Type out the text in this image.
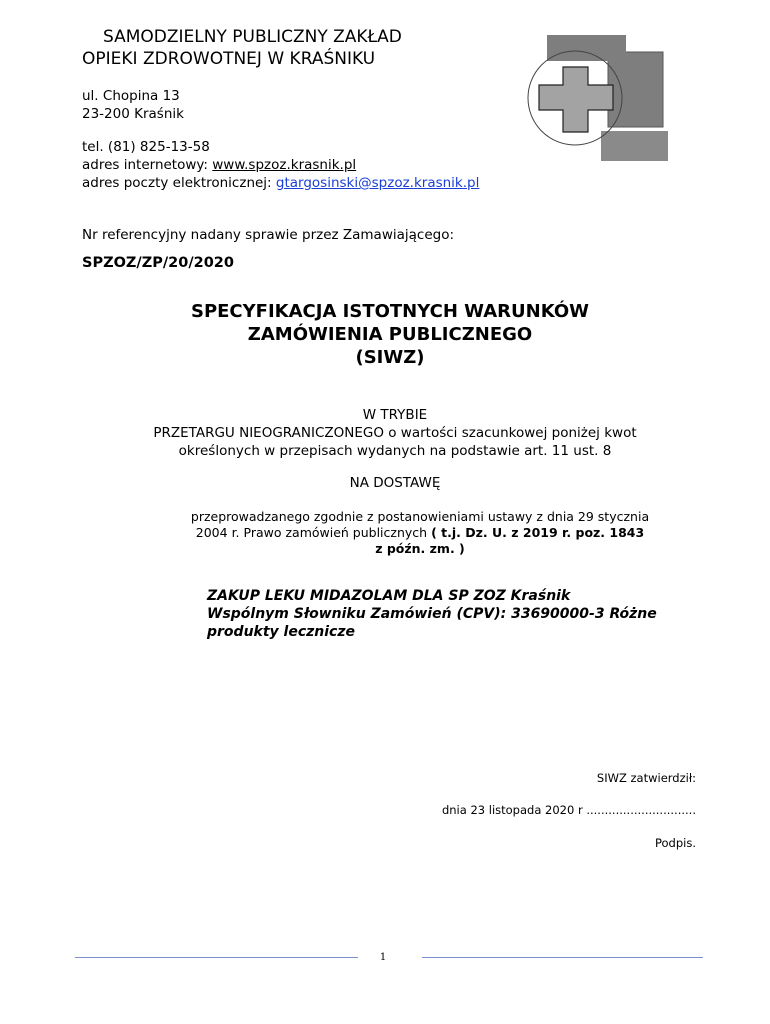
SAMODZIELNY PUBLICZNY ZAKŁAD
OPIEKI ZDROWOTNEJ W KRAŚNIKU
ul. Chopina 13
23-200 Kraśnik
tel. (81) 825-13-58
adres internetowy: www.spzoz.krasnik.pl
adres poczty elektronicznej: gtargosinski@spzoz.krasnik.pl
Nr referencyjny nadany sprawie przez Zamawiającego:
SPZOZ/ZP/20/2020
SPECYFIKACJA ISTOTNYCH WARUNKÓW
ZAMÓWIENIA PUBLICZNEGO
(SIWZ)
W TRYBIE
PRZETARGU NIEOGRANICZONEGO o wartości szacunkowej poniżej kwot
określonych w przepisach wydanych na podstawie art. 11 ust. 8
NA DOSTAWĘ
przeprowadzanego zgodnie z postanowieniami ustawy z dnia 29 stycznia
2004 r. Prawo zamówień publicznych ( t.j. Dz. U. z 2019 r. poz. 1843
z późn. zm. )
ZAKUP LEKU MIDAZOLAM DLA SP ZOZ Kraśnik
Wspólnym Słowniku Zamówień (CPV): 33690000-3 Różne
produkty lecznicze
SIWZ zatwierdził:
dnia 23 listopada 2020 r ..............................
Podpis.
1
